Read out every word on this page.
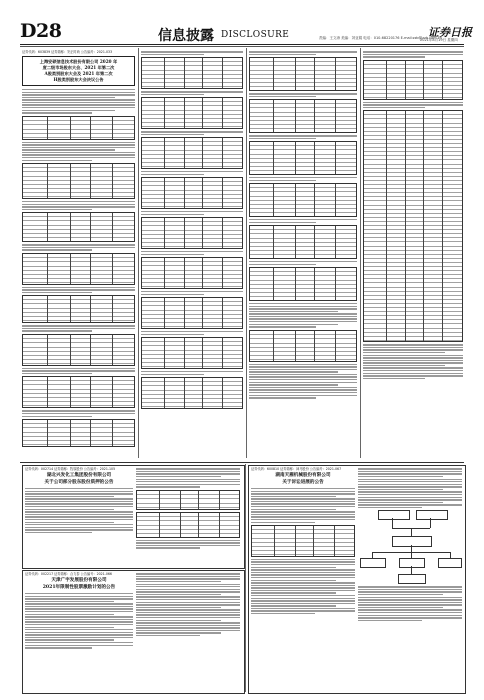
D28	信息披露 DISCLOSURE	责编：王文涛 美编：刘亚娟 电话：010-68220176 E-mail:zzb@zzb.com.cn
证券日报
2021年8月19日 星期四
证券代码：603839 证券简称：安正时尚 公告编号：2021-033
上海安硕信息技术股份有限公司 2020 年
度二级市场股东大会、2021 年第二次
A股类别股东大会及 2021 年第二次
H股类别股东大会决议公告
证券代码：002714 证券简称：牧原股份 公告编号：2021-105
湖北兴发化工集团股份有限公司
关于公司部分股东股份质押的公告
证券代码：002217 证券简称：合力泰 公告编号：2021-066
天津广宇发展股份有限公司
2021年限制性股票激励计划的公告
证券代码：600810 证券简称：神马股份 公告编号：2021-067
湖南天雁机械股份有限公司
关于诉讼进展的公告
